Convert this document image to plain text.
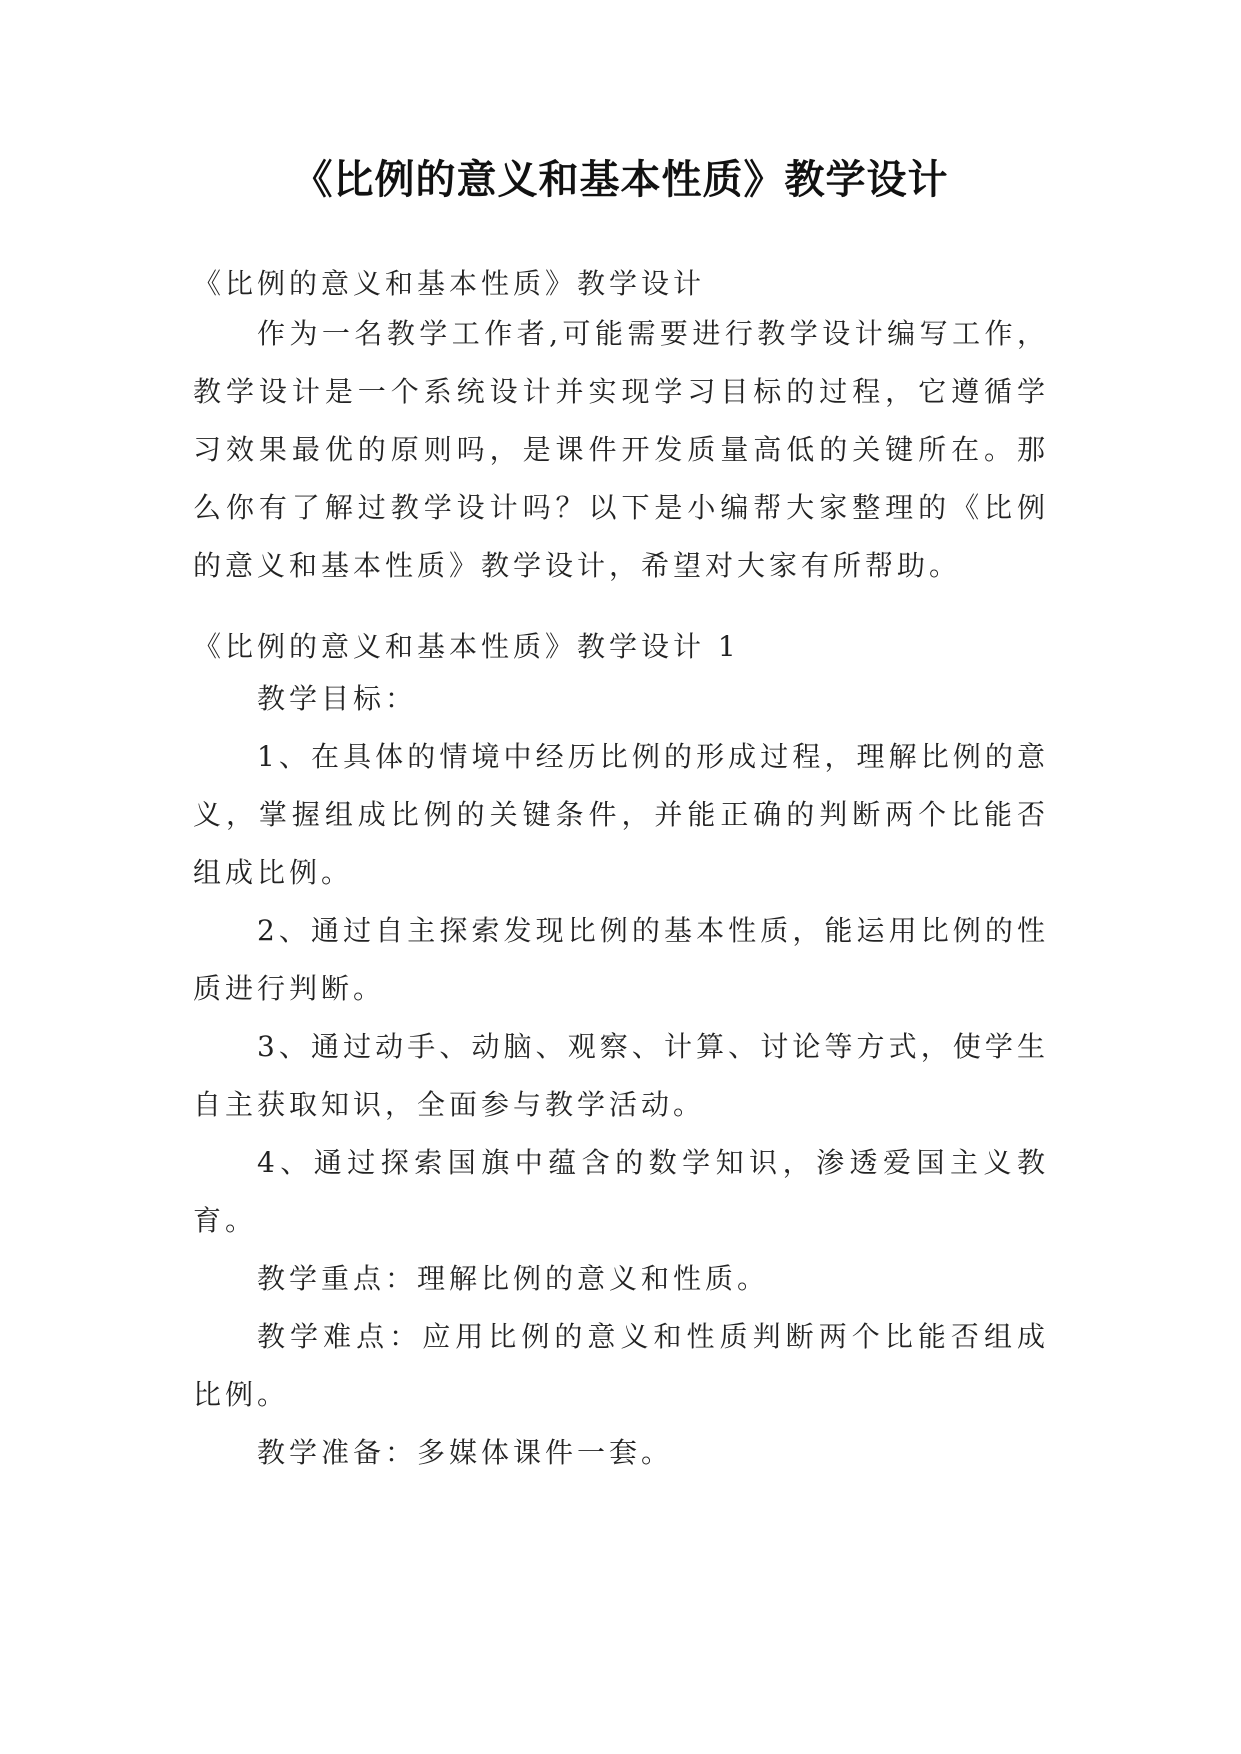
《比例的意义和基本性质》教学设计
《比例的意义和基本性质》教学设计
作为一名教学工作者,可能需要进行教学设计编写工作，教学设计是一个系统设计并实现学习目标的过程，它遵循学习效果最优的原则吗，是课件开发质量高低的关键所在。那么你有了解过教学设计吗？以下是小编帮大家整理的《比例的意义和基本性质》教学设计，希望对大家有所帮助。
《比例的意义和基本性质》教学设计 1
教学目标：
1、在具体的情境中经历比例的形成过程，理解比例的意义，掌握组成比例的关键条件，并能正确的判断两个比能否组成比例。
2、通过自主探索发现比例的基本性质，能运用比例的性质进行判断。
3、通过动手、动脑、观察、计算、讨论等方式，使学生自主获取知识，全面参与教学活动。
4、通过探索国旗中蕴含的数学知识，渗透爱国主义教育。
教学重点：理解比例的意义和性质。
教学难点：应用比例的意义和性质判断两个比能否组成比例。
教学准备：多媒体课件一套。
